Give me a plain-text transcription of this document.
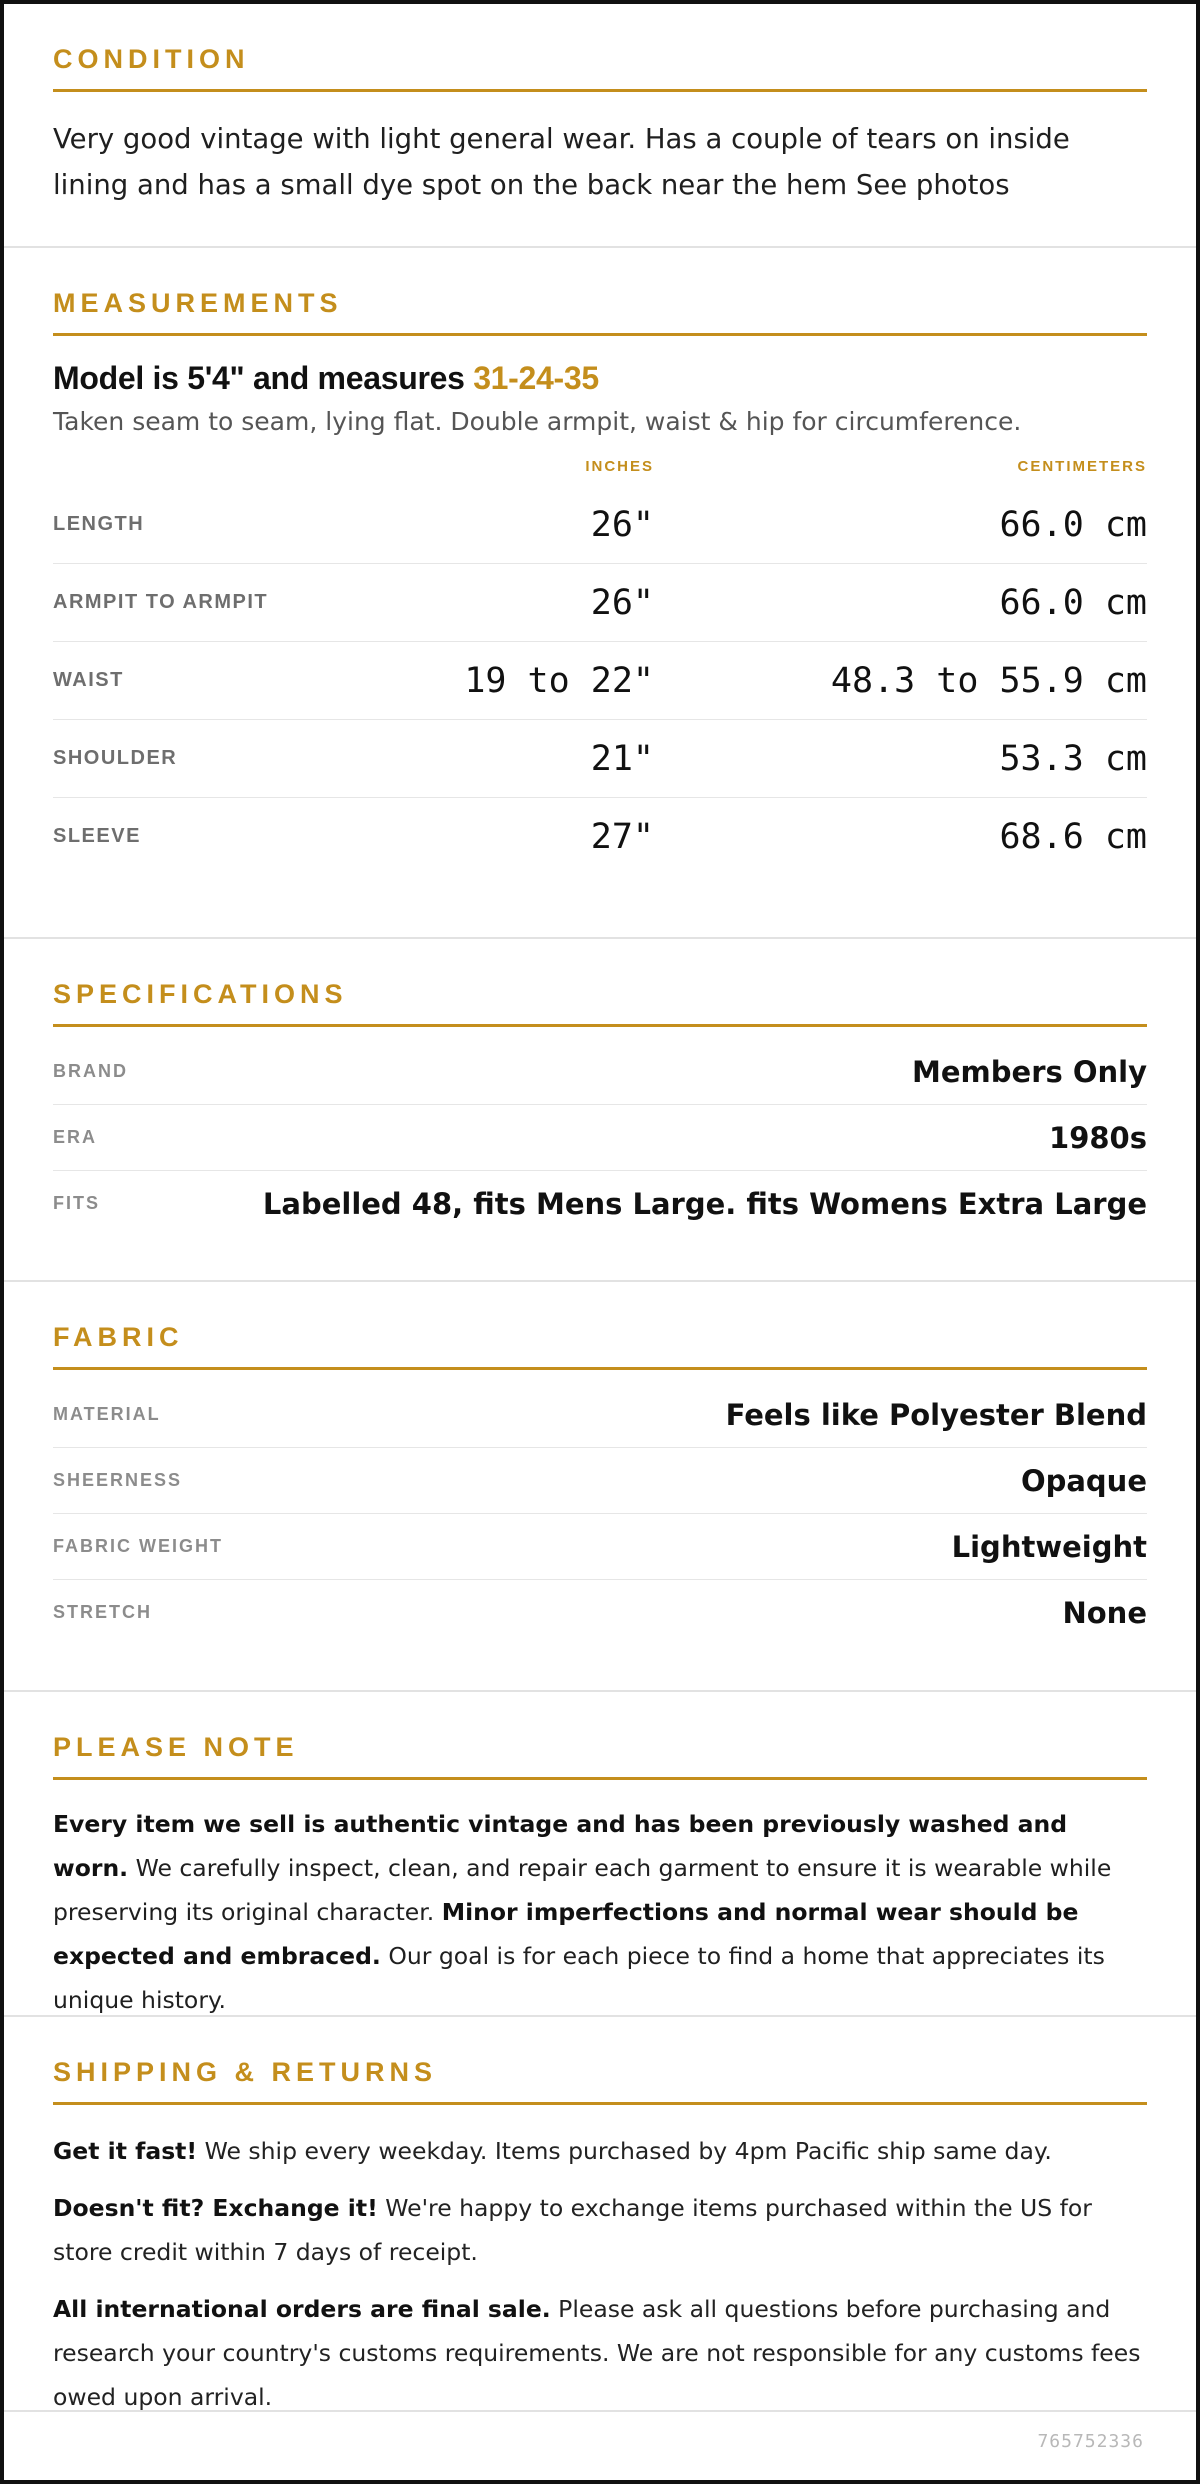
CONDITION
Very good vintage with light general wear. Has a couple of tears on inside lining and has a small dye spot on the back near the hem See photos
MEASUREMENTS
Model is 5'4" and measures 31-24-35
Taken seam to seam, lying flat. Double armpit, waist & hip for circumference.
INCHES	CENTIMETERS
LENGTH	26"	66.0 cm
ARMPIT TO ARMPIT	26"	66.0 cm
WAIST	19 to 22"	48.3 to 55.9 cm
SHOULDER	21"	53.3 cm
SLEEVE	27"	68.6 cm
SPECIFICATIONS
BRAND	Members Only
ERA	1980s
FITS	Labelled 48, fits Mens Large. fits Womens Extra Large
FABRIC
MATERIAL	Feels like Polyester Blend
SHEERNESS	Opaque
FABRIC WEIGHT	Lightweight
STRETCH	None
PLEASE NOTE
Every item we sell is authentic vintage and has been previously washed and worn. We carefully inspect, clean, and repair each garment to ensure it is wearable while preserving its original character. Minor imperfections and normal wear should be expected and embraced. Our goal is for each piece to find a home that appreciates its unique history.
SHIPPING & RETURNS

Get it fast! We ship every weekday. Items purchased by 4pm Pacific ship same day.

Doesn't fit? Exchange it! We're happy to exchange items purchased within the US for store credit within 7 days of receipt.

All international orders are final sale. Please ask all questions before purchasing and research your country's customs requirements. We are not responsible for any customs fees owed upon arrival.

765752336
